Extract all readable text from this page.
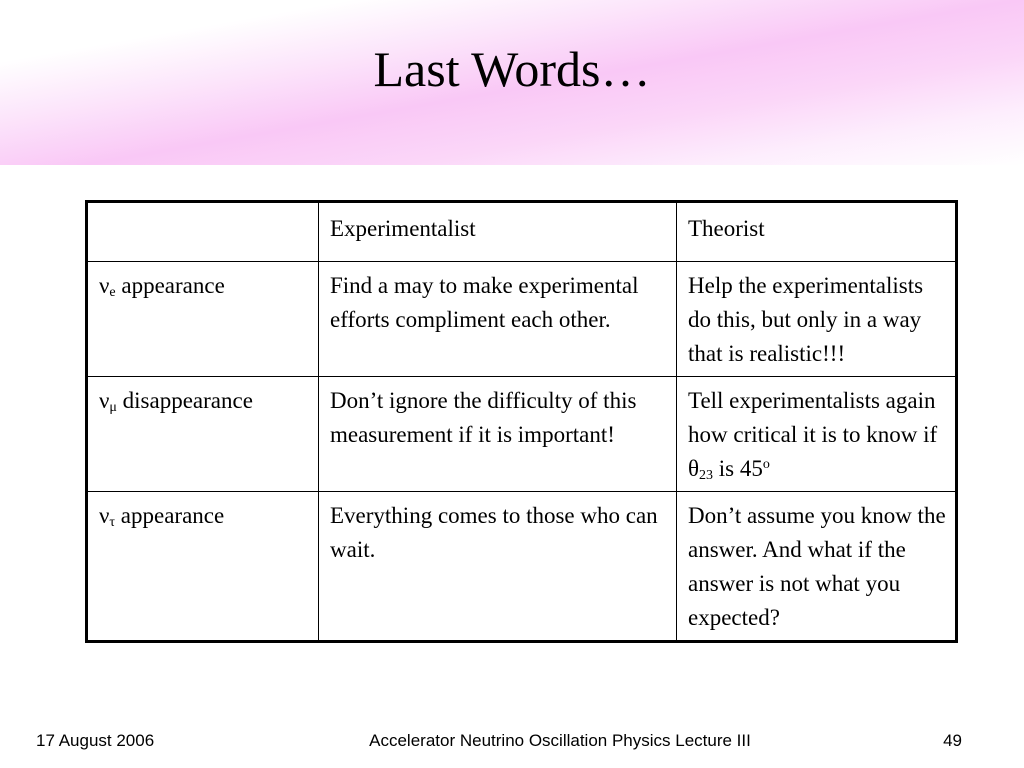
Last Words…
	Experimentalist	Theorist
$\nu_e$ appearance	Find a may to make experimental efforts compliment each other.	Help the experimentalists do this, but only in a way that is realistic!!!
$\nu_\mu$ disappearance	Don’t ignore the difficulty of this measurement if it is important!	Tell experimentalists again how critical it is to know if $\theta_{23}$ is 45$^o$
$\nu_\tau$ appearance	Everything comes to those who can wait.	Don’t assume you know the answer. And what if the answer is not what you expected?
17 August 2006	Accelerator Neutrino Oscillation Physics Lecture III	49
